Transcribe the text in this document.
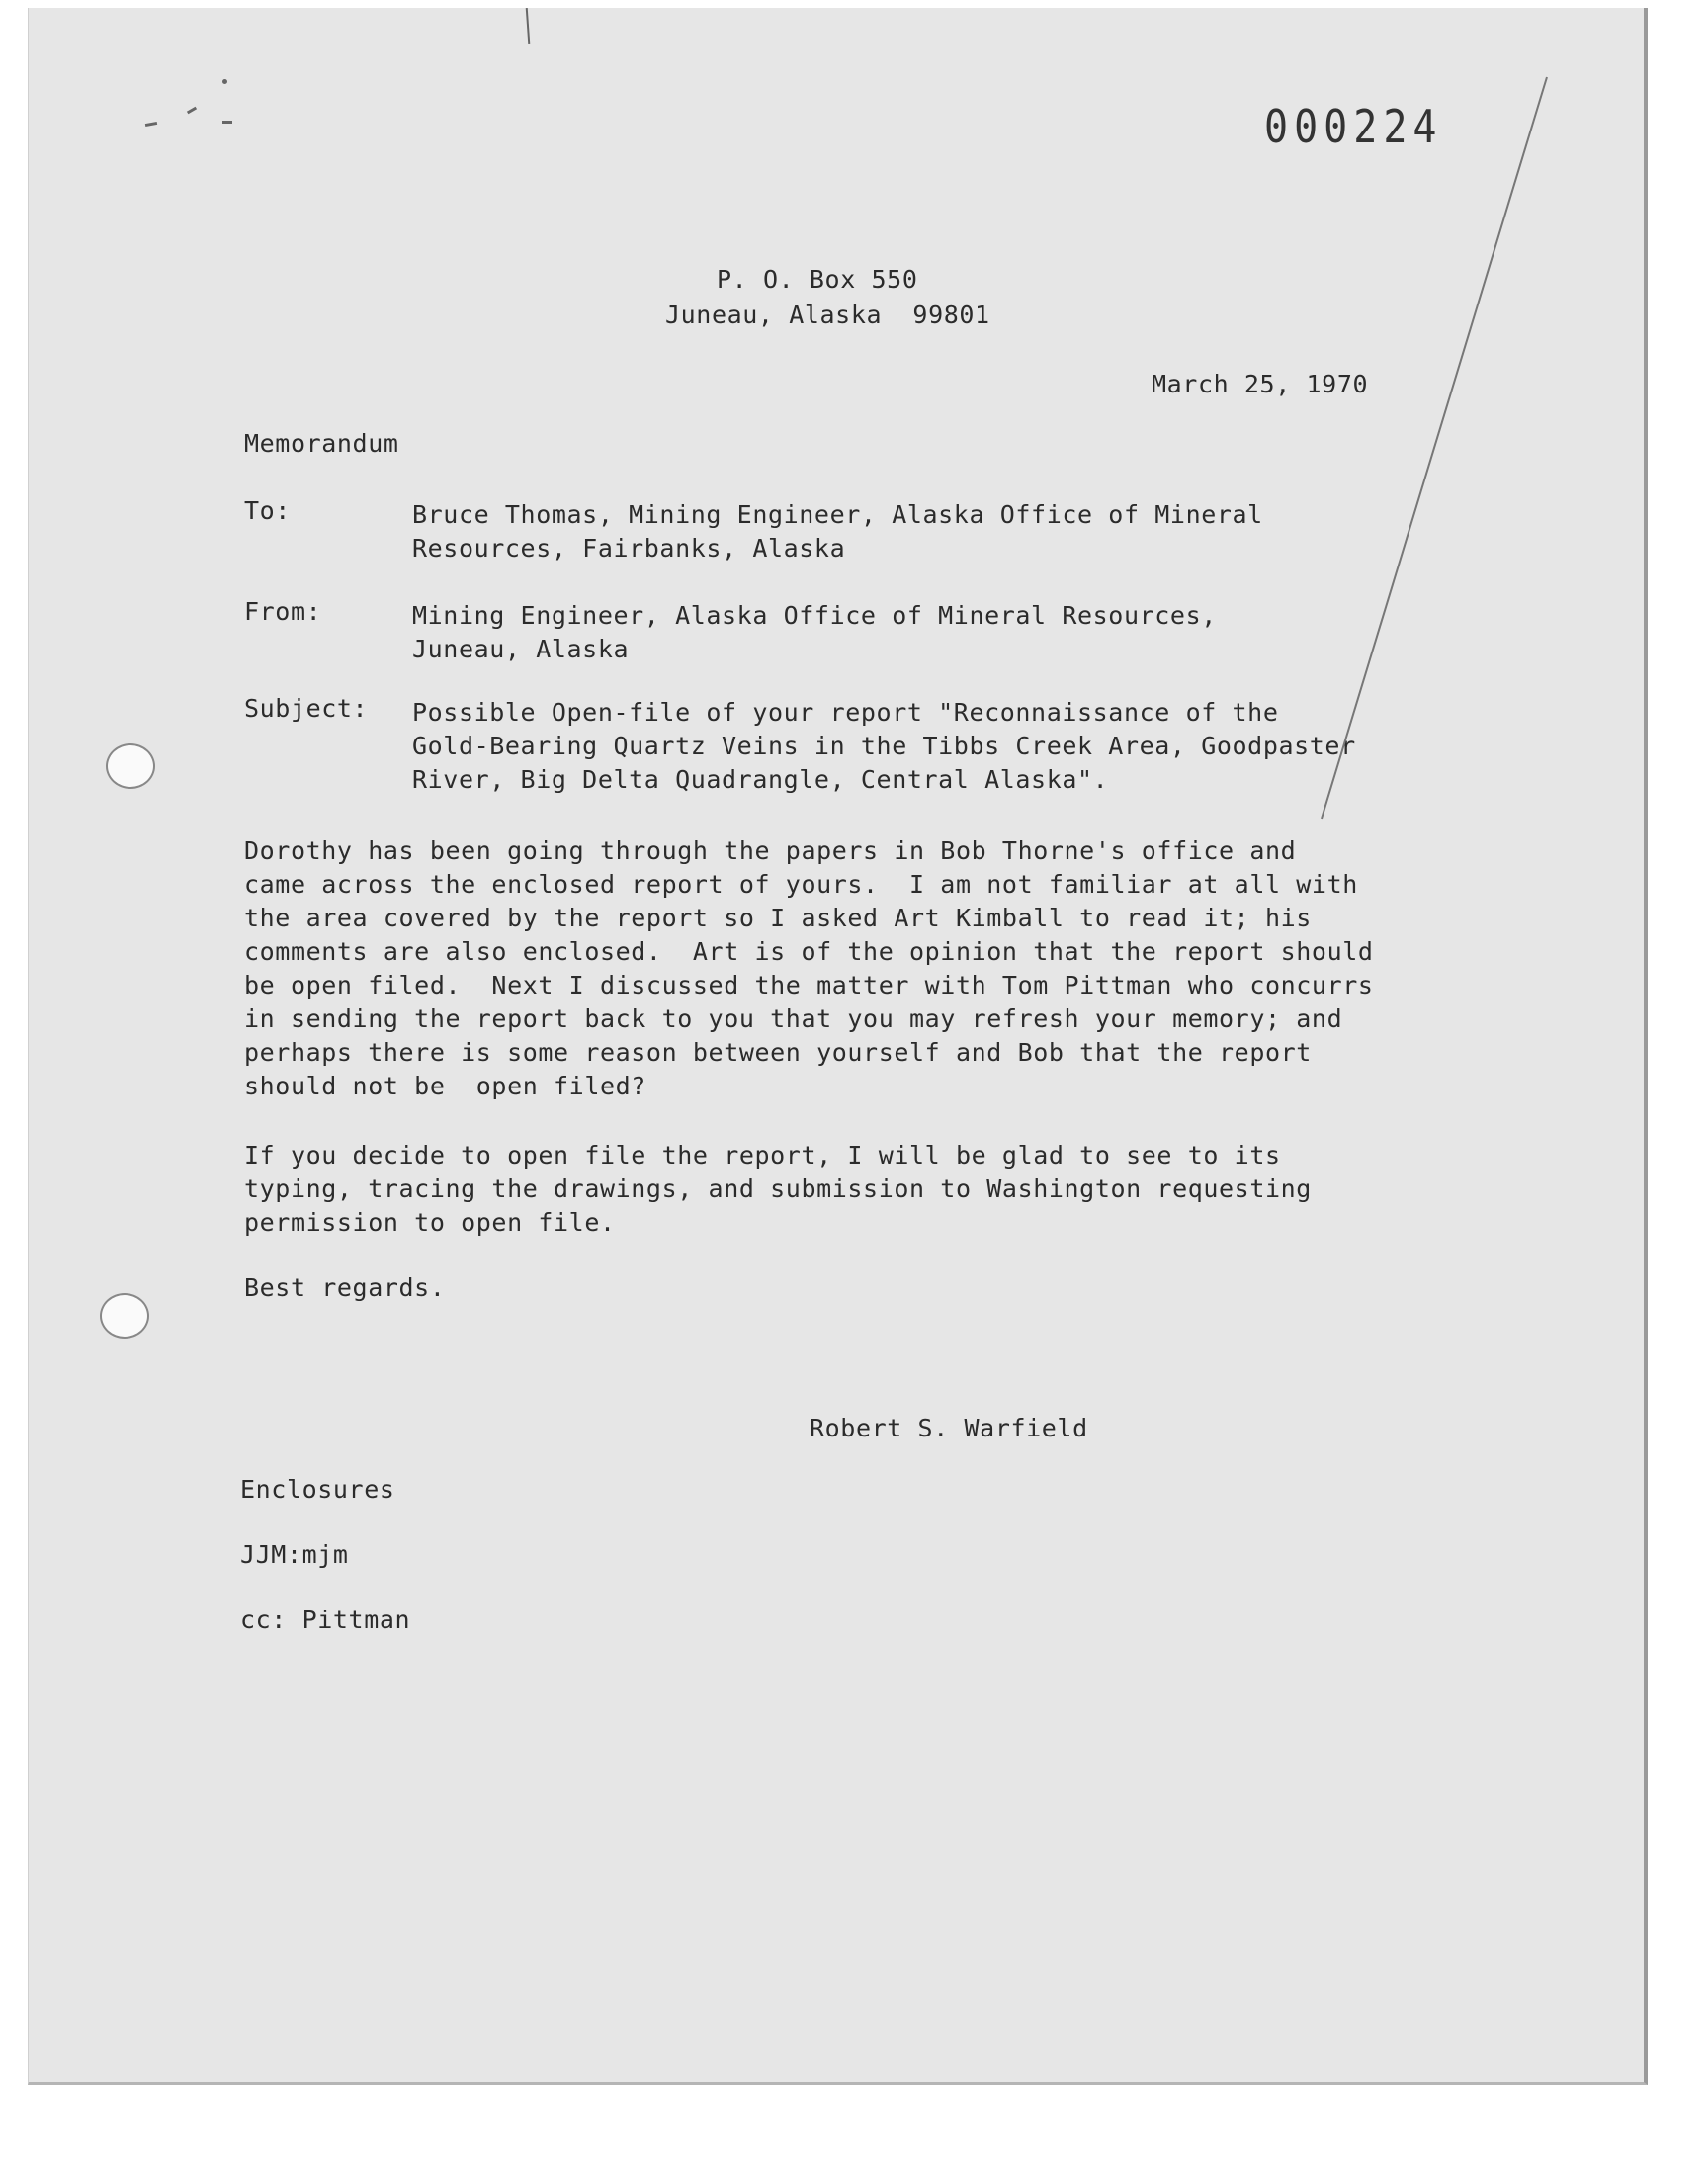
000224
P. O. Box 550
Juneau, Alaska  99801
March 25, 1970
Memorandum
To:	Bruce Thomas, Mining Engineer, Alaska Office of Mineral
Resources, Fairbanks, Alaska
From:	Mining Engineer, Alaska Office of Mineral Resources,
Juneau, Alaska
Subject: Possible Open-file of your report "Reconnaissance of the
Gold-Bearing Quartz Veins in the Tibbs Creek Area, Goodpaster
River, Big Delta Quadrangle, Central Alaska".
Dorothy has been going through the papers in Bob Thorne's office and
came across the enclosed report of yours.  I am not familiar at all with
the area covered by the report so I asked Art Kimball to read it; his
comments are also enclosed.  Art is of the opinion that the report should
be open filed.  Next I discussed the matter with Tom Pittman who concurrs
in sending the report back to you that you may refresh your memory; and
perhaps there is some reason between yourself and Bob that the report
should not be  open filed?
If you decide to open file the report, I will be glad to see to its
typing, tracing the drawings, and submission to Washington requesting
permission to open file.
Best regards.
Robert S. Warfield
Enclosures
JJM:mjm
cc: Pittman
